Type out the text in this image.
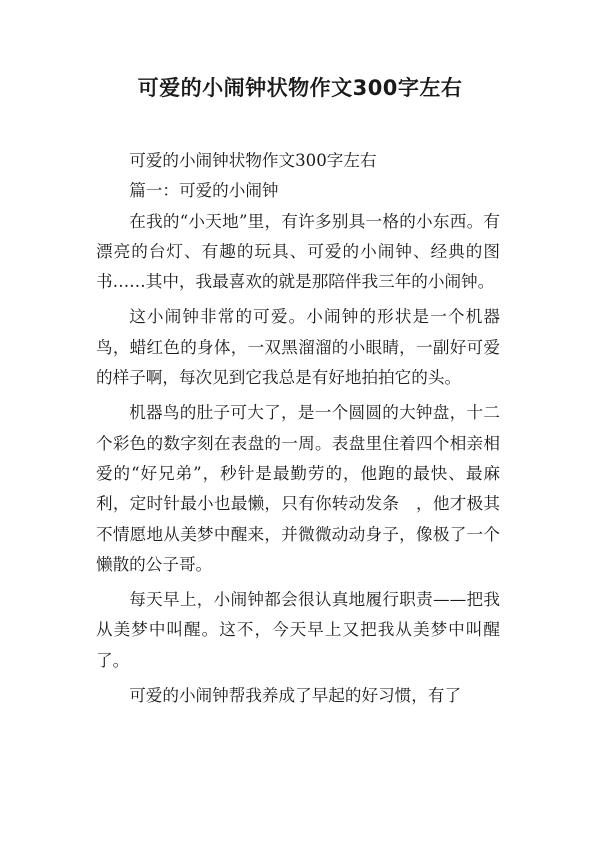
可爱的小闹钟状物作文300字左右

可爱的小闹钟状物作文300字左右

篇一：可爱的小闹钟

在我的“小天地”里，有许多别具一格的小东西。有漂亮的台灯、有趣的玩具、可爱的小闹钟、经典的图书……其中，我最喜欢的就是那陪伴我三年的小闹钟。

这小闹钟非常的可爱。小闹钟的形状是一个机器鸟，蜡红色的身体，一双黑溜溜的小眼睛，一副好可爱的样子啊，每次见到它我总是有好地拍拍它的头。

机器鸟的肚子可大了，是一个圆圆的大钟盘，十二个彩色的数字刻在表盘的一周。表盘里住着四个相亲相爱的“好兄弟”，秒针是最勤劳的，他跑的最快、最麻利，定时针最小也最懒，只有你转动发条　，他才极其不情愿地从美梦中醒来，并微微动动身子，像极了一个懒散的公子哥。

每天早上，小闹钟都会很认真地履行职责——把我从美梦中叫醒。这不，今天早上又把我从美梦中叫醒了。

可爱的小闹钟帮我养成了早起的好习惯，有了
